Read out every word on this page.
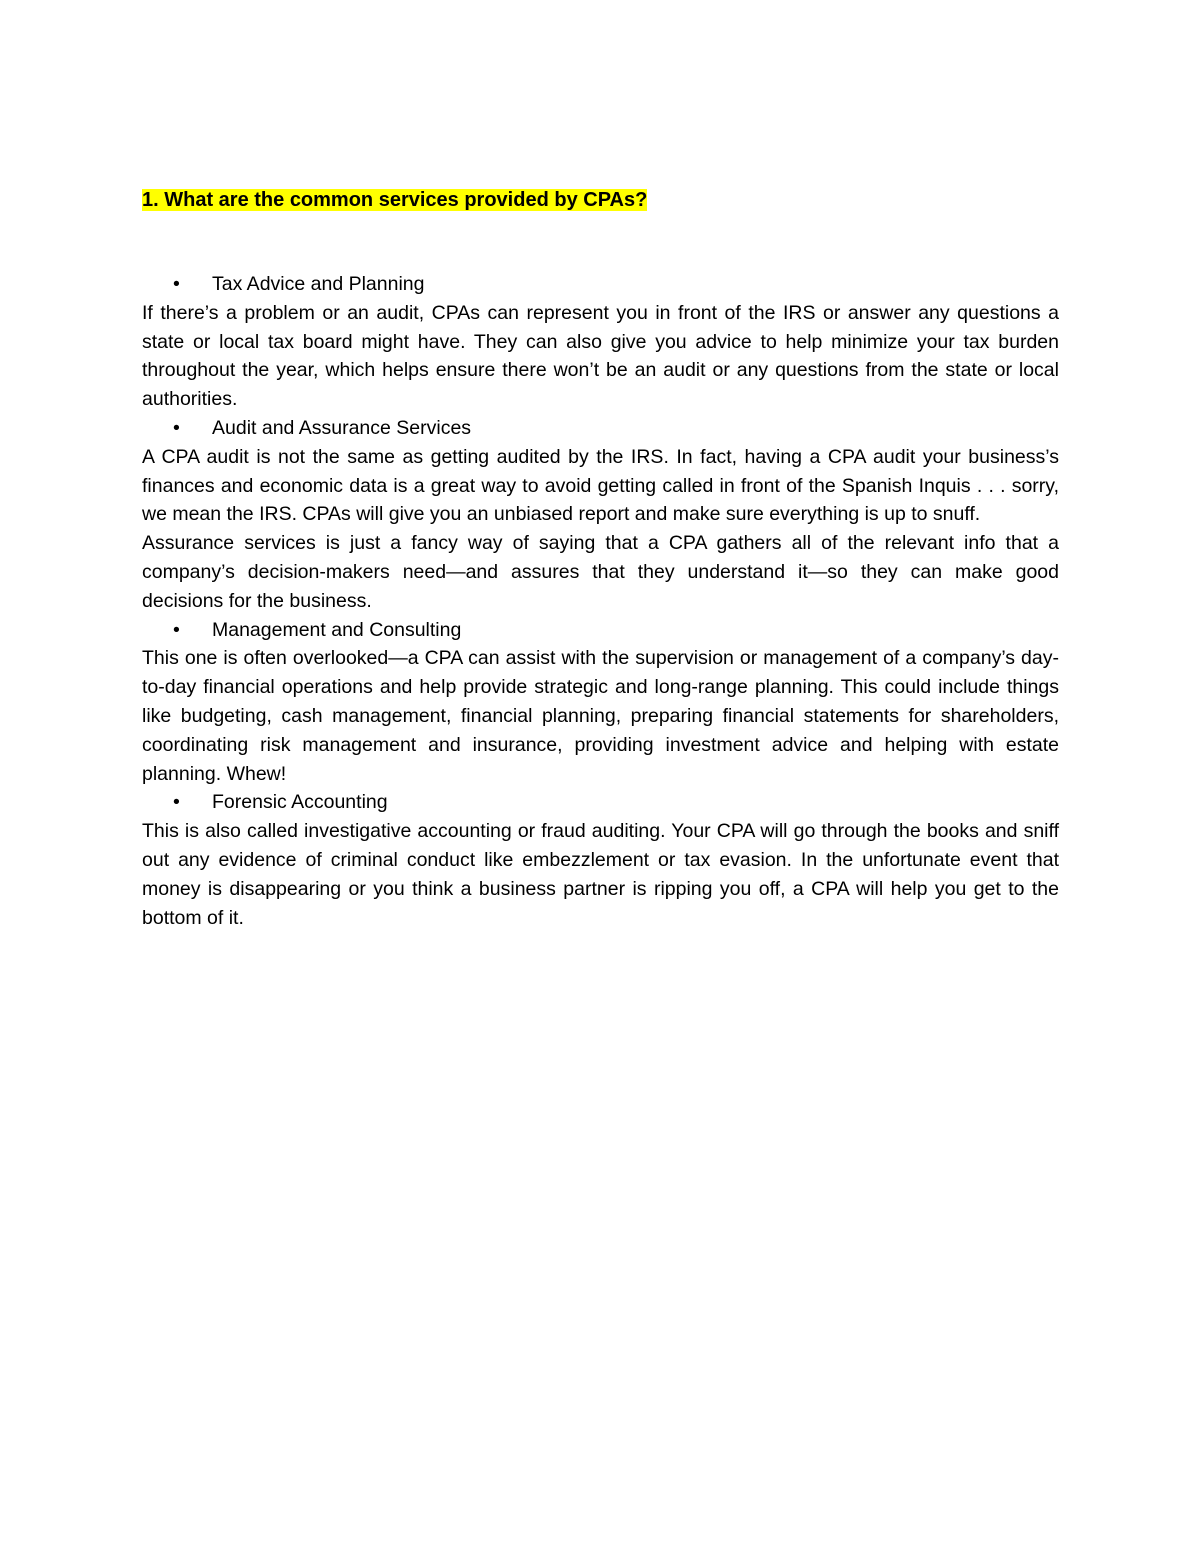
1. What are the common services provided by CPAs?
•	Tax Advice and Planning

If there’s a problem or an audit, CPAs can represent you in front of the IRS or answer any questions a state or local tax board might have. They can also give you advice to help minimize your tax burden throughout the year, which helps ensure there won’t be an audit or any questions from the state or local authorities.

•	Audit and Assurance Services

A CPA audit is not the same as getting audited by the IRS. In fact, having a CPA audit your business’s finances and economic data is a great way to avoid getting called in front of the Spanish Inquis . . . sorry, we mean the IRS. CPAs will give you an unbiased report and make sure everything is up to snuff.

Assurance services is just a fancy way of saying that a CPA gathers all of the relevant info that a company’s decision-makers need—and assures that they understand it—so they can make good decisions for the business.

•	Management and Consulting

This one is often overlooked—a CPA can assist with the supervision or management of a company’s day-to-day financial operations and help provide strategic and long-range planning. This could include things like budgeting, cash management, financial planning, preparing financial statements for shareholders, coordinating risk management and insurance, providing investment advice and helping with estate planning. Whew!

•	Forensic Accounting

This is also called investigative accounting or fraud auditing. Your CPA will go through the books and sniff out any evidence of criminal conduct like embezzlement or tax evasion. In the unfortunate event that money is disappearing or you think a business partner is ripping you off, a CPA will help you get to the bottom of it.
